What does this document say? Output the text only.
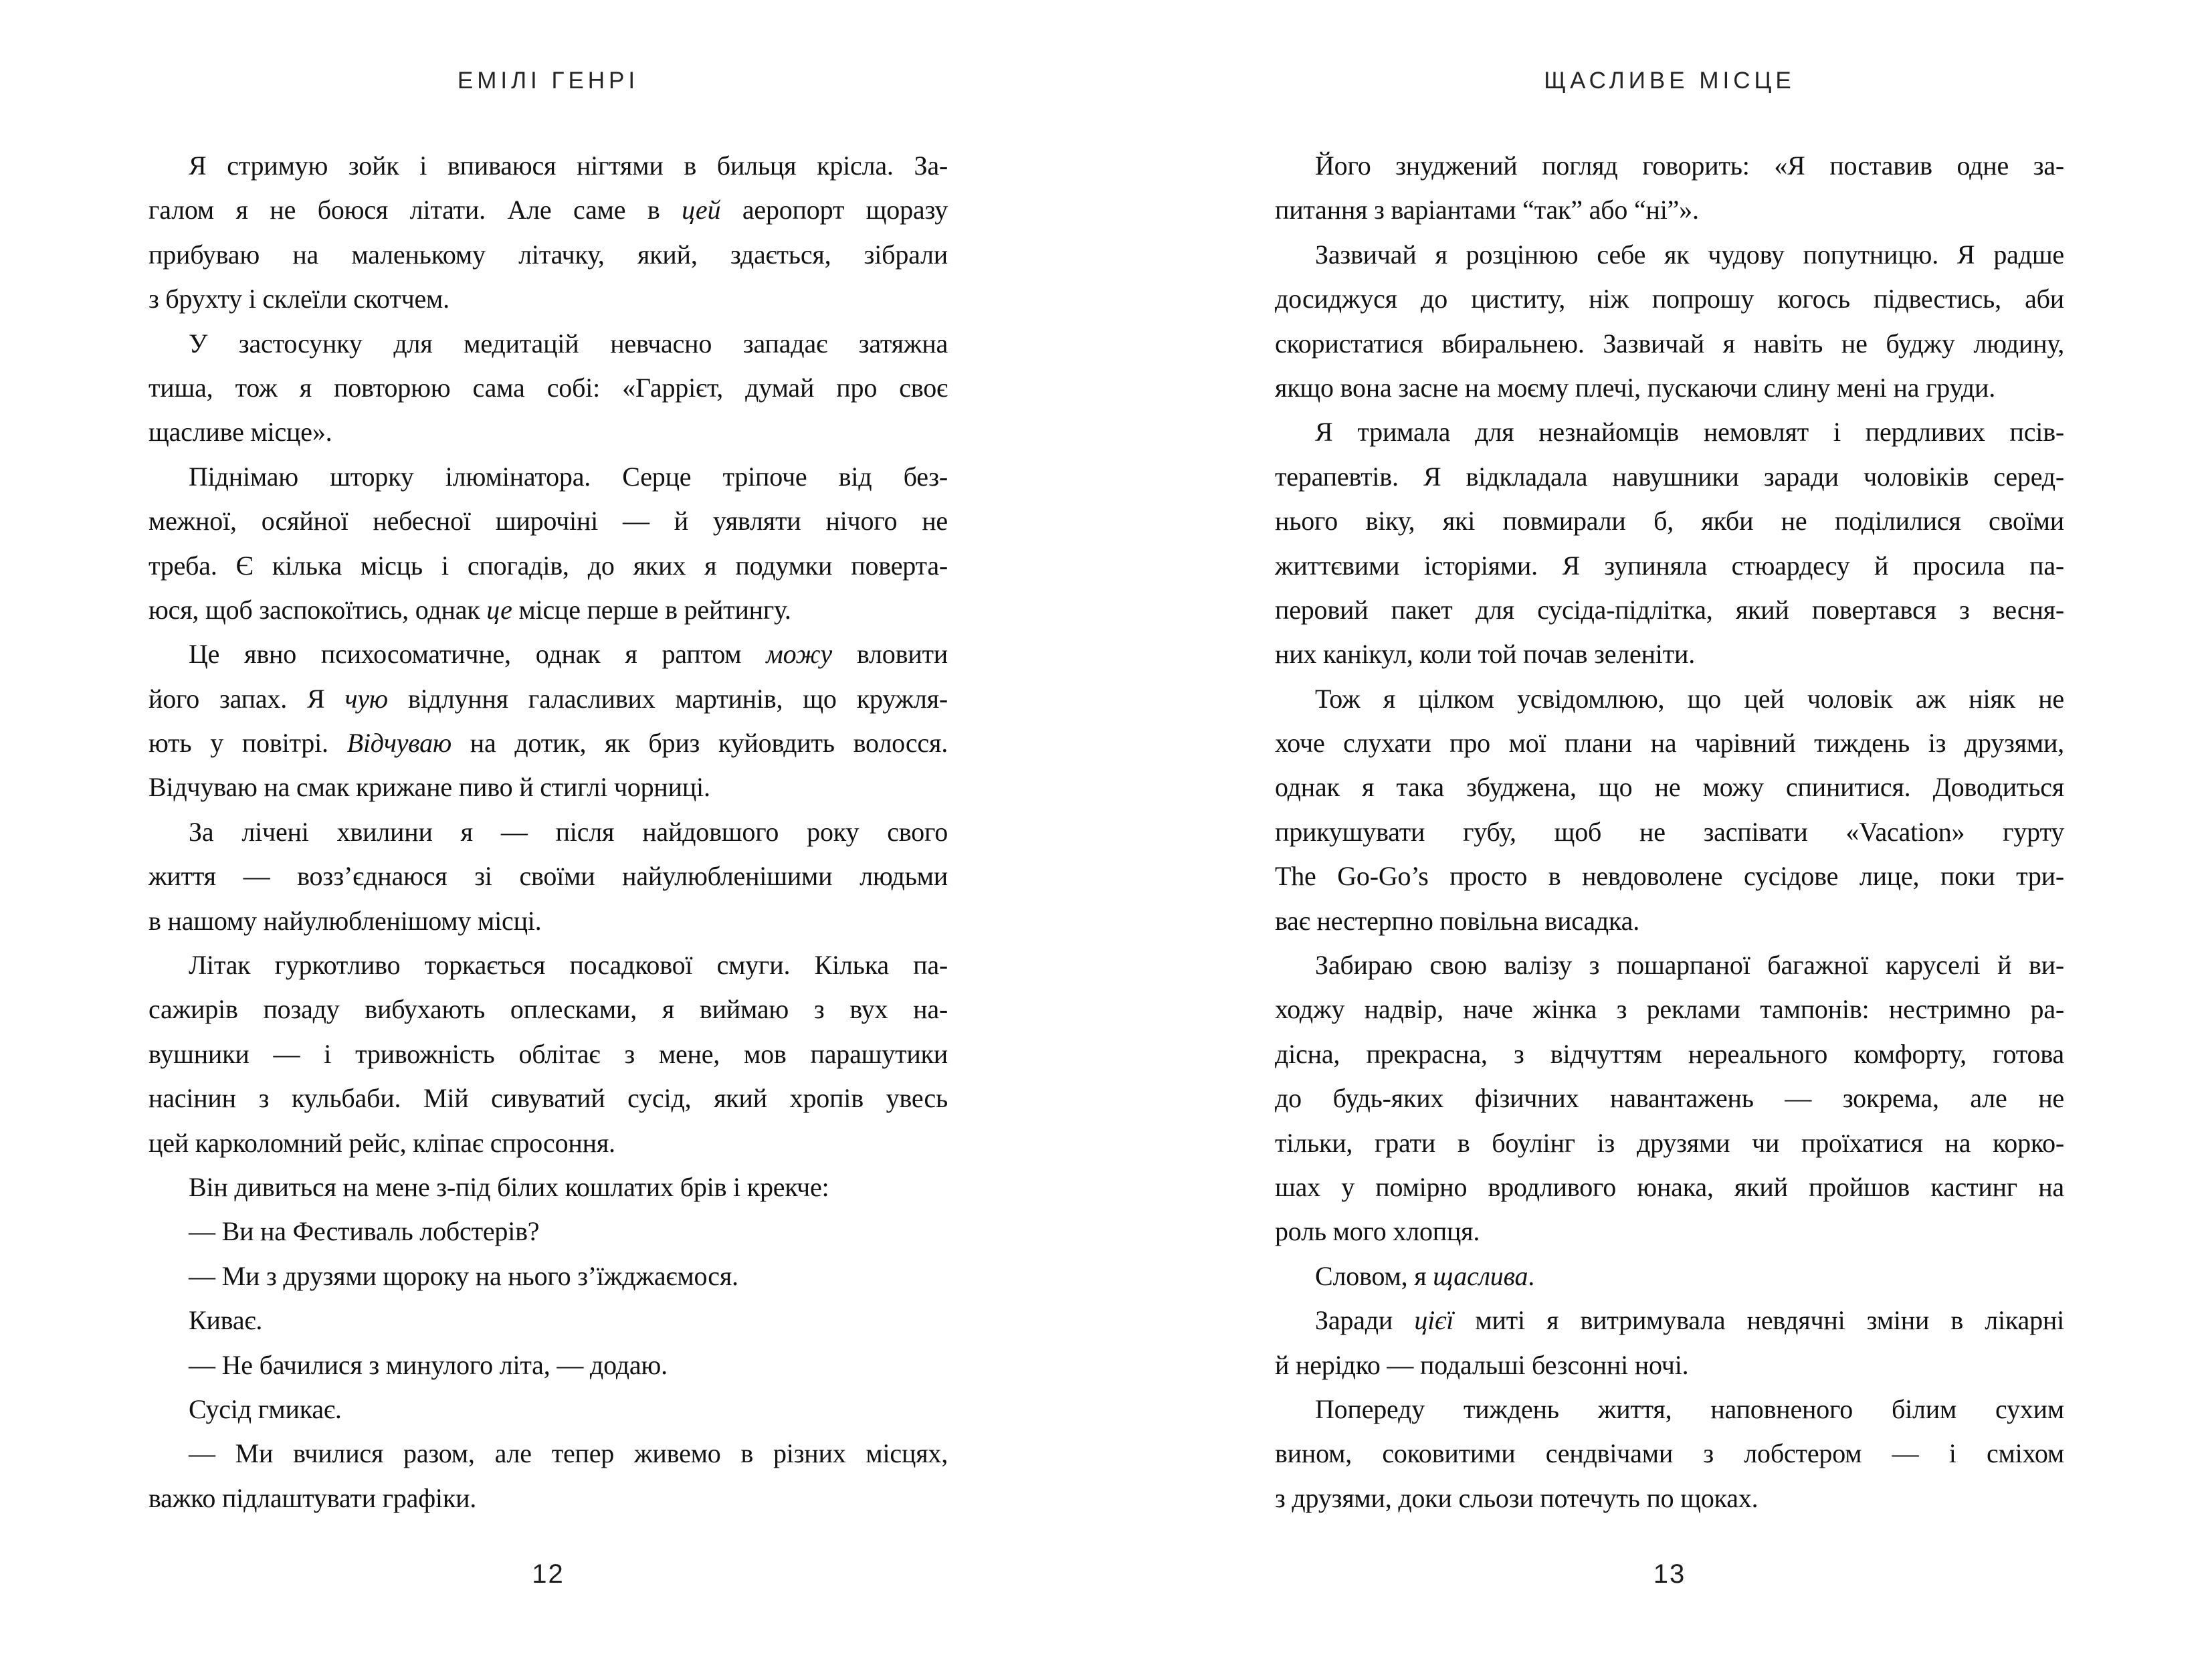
ЕМІЛІ ГЕНРІ
Я стримую зойк і впиваюся нігтями в бильця крісла. За-
галом я не боюся літати. Але саме в цей аеропорт щоразу
прибуваю на маленькому літачку, який, здається, зібрали
з брухту і склеїли скотчем.
У застосунку для медитацій невчасно западає затяжна
тиша, тож я повторюю сама собі: «Гаррієт, думай про своє
щасливе місце».
Піднімаю шторку ілюмінатора. Серце тріпоче від без-
межної, осяйної небесної широчіні — й уявляти нічого не
треба. Є кілька місць і спогадів, до яких я подумки поверта-
юся, щоб заспокоїтись, однак це місце перше в рейтингу.
Це явно психосоматичне, однак я раптом можу вловити
його запах. Я чую відлуння галасливих мартинів, що кружля-
ють у повітрі. Відчуваю на дотик, як бриз куйовдить волосся.
Відчуваю на смак крижане пиво й стиглі чорниці.
За лічені хвилини я — після найдовшого року свого
життя — возз’єднаюся зі своїми найулюбленішими людьми
в нашому найулюбленішому місці.
Літак гуркотливо торкається посадкової смуги. Кілька па-
сажирів позаду вибухають оплесками, я виймаю з вух на-
вушники — і тривожність облітає з мене, мов парашутики
насінин з кульбаби. Мій сивуватий сусід, який хропів увесь
цей карколомний рейс, кліпає спросоння.
Він дивиться на мене з-під білих кошлатих брів і крекче:
— Ви на Фестиваль лобстерів?
— Ми з друзями щороку на нього з’їжджаємося.
Киває.
— Не бачилися з минулого літа, — додаю.
Сусід гмикає.
— Ми вчилися разом, але тепер живемо в різних місцях,
важко підлаштувати графіки.
12
ЩАСЛИВЕ МІСЦЕ
Його знуджений погляд говорить: «Я поставив одне за-
питання з варіантами “так” або “ні”».
Зазвичай я розцінюю себе як чудову попутницю. Я радше
досиджуся до циститу, ніж попрошу когось підвестись, аби
скористатися вбиральнею. Зазвичай я навіть не буджу людину,
якщо вона засне на моєму плечі, пускаючи слину мені на груди.
Я тримала для незнайомців немовлят і пердливих псів-
терапевтів. Я відкладала навушники заради чоловіків серед-
нього віку, які повмирали б, якби не поділилися своїми
життєвими історіями. Я зупиняла стюардесу й просила па-
перовий пакет для сусіда-підлітка, який повертався з весня-
них канікул, коли той почав зеленіти.
Тож я цілком усвідомлюю, що цей чоловік аж ніяк не
хоче слухати про мої плани на чарівний тиждень із друзями,
однак я така збуджена, що не можу спинитися. Доводиться
прикушувати губу, щоб не заспівати «Vacation» гурту
The Go-Go’s просто в невдоволене сусідове лице, поки три-
ває нестерпно повільна висадка.
Забираю свою валізу з пошарпаної багажної каруселі й ви-
ходжу надвір, наче жінка з реклами тампонів: нестримно ра-
дісна, прекрасна, з відчуттям нереального комфорту, готова
до будь-яких фізичних навантажень — зокрема, але не
тільки, грати в боулінг із друзями чи проїхатися на корко-
шах у помірно вродливого юнака, який пройшов кастинг на
роль мого хлопця.
Словом, я щаслива.
Заради цієї миті я витримувала невдячні зміни в лікарні
й нерідко — подальші безсонні ночі.
Попереду тиждень життя, наповненого білим сухим
вином, соковитими сендвічами з лобстером — і сміхом
з друзями, доки сльози потечуть по щоках.
13
